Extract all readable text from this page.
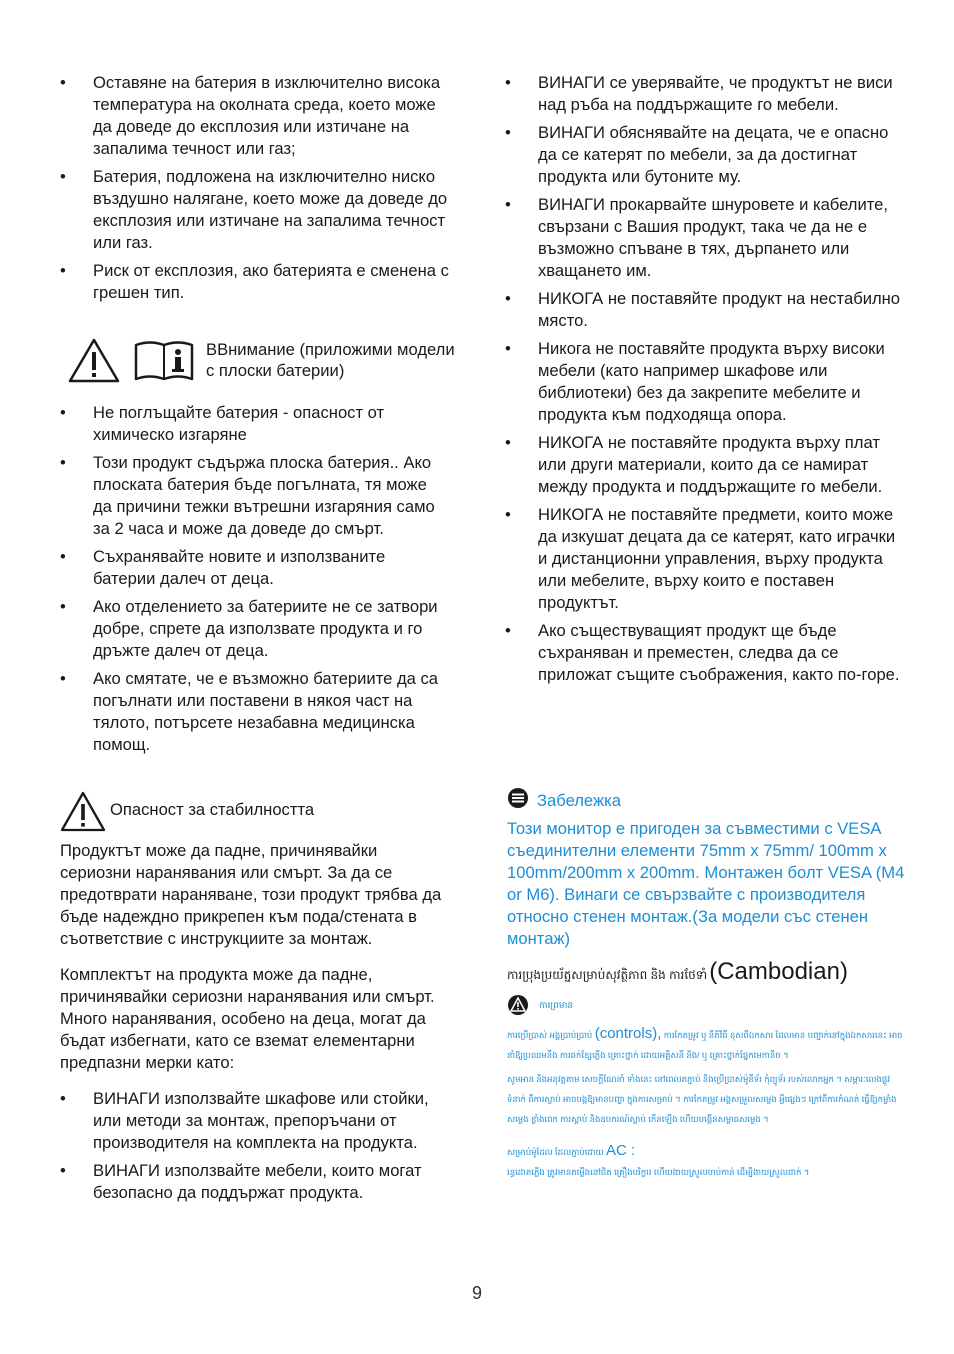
• Оставяне на батерия в изключително висока температура на околната среда, което може да доведе до експлозия или изтичане на запалима течност или газ;
• Батерия, подложена на изключително ниско въздушно налягане, което може да доведе до експлозия или изтичане на запалима течност или газ.
• Риск от експлозия, ако батерията е сменена с грешен тип.
ВВнимание (приложими модели с плоски батерии)
• Не поглъщайте батерия - опасност от химическо изгаряне
• Този продукт съдържа плоска батерия.. Ако плоската батерия бъде погълната, тя може да причини тежки вътрешни изгаряния само за 2 часа и може да доведе до смърт.
• Съхранявайте новите и използваните батерии далеч от деца.
• Ако отделението за батериите не се затвори добре, спрете да използвате продукта и го дръжте далеч от деца.
• Ако смятате, че е възможно батериите да са погълнати или поставени в някоя част на тялото, потърсете незабавна медицинска помощ.
Опасност за стабилността

Продуктът може да падне, причинявайки сериозни наранявания или смърт. За да се предотврати нараняване, този продукт трябва да бъде надеждно прикрепен към пода/стената в съответствие с инструкциите за монтаж.

Комплектът на продукта може да падне, причинявайки сериозни наранявания или смърт. Много наранявания, особено на деца, могат да бъдат избегнати, като се вземат елементарни предпазни мерки като:

• ВИНАГИ използвайте шкафове или стойки, или методи за монтаж, препоръчани от производителя на комплекта на продукта.
• ВИНАГИ използвайте мебели, които могат безопасно да поддържат продукта.
• ВИНАГИ се уверявайте, че продуктът не виси над ръба на поддържащите го мебели.
• ВИНАГИ обяснявайте на децата, че е опасно да се катерят по мебели, за да достигнат продукта или бутоните му.
• ВИНАГИ прокарвайте шнуровете и кабелите, свързани с Вашия продукт, така че да не е възможно спъване в тях, дърпането или хващането им.
• НИКОГА не поставяйте продукт на нестабилно място.
• Никога не поставяйте продукта върху високи мебели (като например шкафове или библиотеки) без да закрепите мебелите и продукта към подходяща опора.
• НИКОГА не поставяйте продукта върху плат или други материали, които да се намират между продукта и поддържащите го мебели.
• НИКОГА не поставяйте предмети, които може да изкушат децата да се катерят, като играчки и дистанционни управления, върху продукта или мебелите, върху които е поставен продуктът.
• Ако съществуващият продукт ще бъде съхраняван и преместен, следва да се приложат същите съображения, както по-горе.
Забележка
Този монитор е пригоден за съвместими с VESA съединителни елементи 75mm x 75mm/ 100mm x 100mm/200mm x 200mm. Монтажен болт VESA (M4 or M6). Винаги се свързвайте с производителя относно стенен монтаж.(За модели със стенен монтаж)
ការប្រុងប្រយ័ត្នសម្រាប់សុវត្ថិភាព និង ការថែទាំ (Cambodian)
ការព្រមាន
ការប្រើប្រាស់ អង្គប្រាប់ប្រាប់ (controls), ការកែតម្រូវ ឬ នីតិវិធី ខុសពីឯកសារ ដែលមាន បញ្ជាក់នៅក្នុងឯកសារនេះ អាចនាំឱ្យប្រឈមនឹង ការឆក់ខ្សែភ្លើង គ្រោះថ្នាក់ ដោយអគ្គិសនី និង/ ឬ គ្រោះថ្នាក់ផ្នែកមេកានិច ។
សូមអាន និងអនុវត្តតាម សេចក្តីណែនាំ ទាំងនេះ នៅពេលតភ្ជាប់ និងប្រើប្រាស់ម៉ូនីទ័រ កុំព្យូទ័រ របស់លោកអ្នក ។ សម្ភារៈលេងផ្លូវទំនាក់ ពីការស្លាប់ អាចបង្កឱ្យមានបញ្ហា ក្នុងការសម្រាប់ ។ ការកែតម្រូវ អង្គសម្រួលសម្លេង អ្វីផ្សេងៗ ក្រៅពីការកំណត់ ធ្វើឱ្យកម្លាំងសម្លេង ខ្លាំងពេក ការស្តាប់ និងឧបករណ៍ស្តាប់ កើនឡើង ហើយបង្កើនសម្ពាធសម្លេង ។
សម្រាប់ម៉ូដែល ដែលភ្ជាប់ដោយ AC :
រន្ធដោតភ្លើង ត្រូវមានតម្លើងនៅជិត គ្រឿងបរិក្ខារ ហើយងាយស្រួលចាប់កាន់ ដើម្បីងាយស្រួលដាក់ ។
9
